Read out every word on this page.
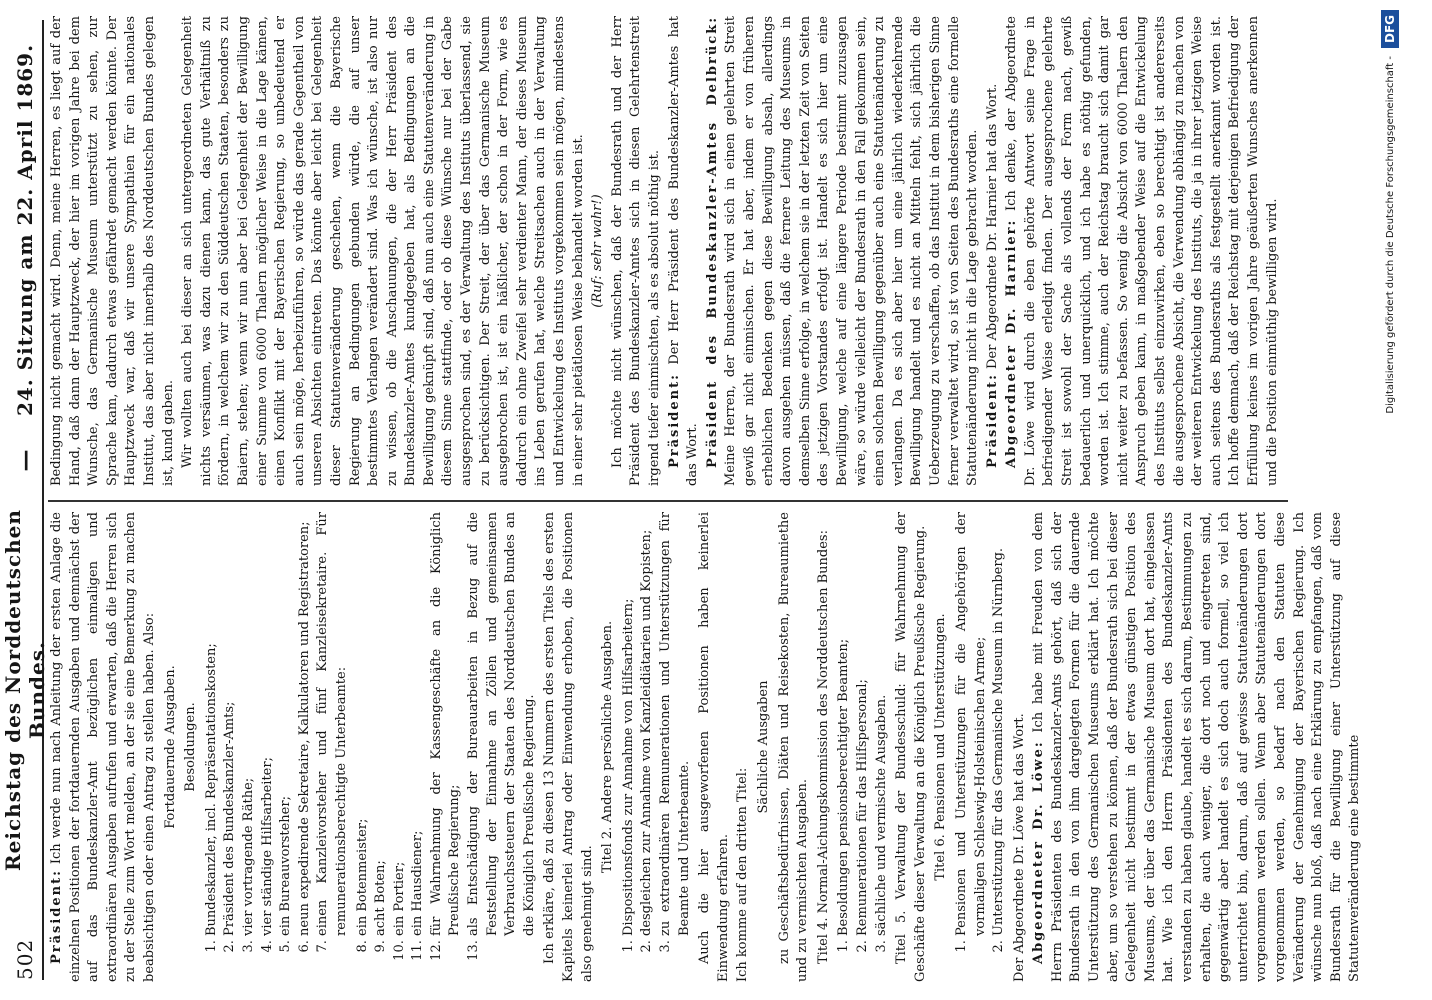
502
Reichstag des Norddeutschen Bundes.
—
24. Sitzung am 22. April 1869.

Präsident: Ich werde nun nach Anleitung der ersten Anlage die einzelnen Positionen der fortdauernden Ausgaben und demnächst der auf das Bundeskanzler-Amt bezüglichen einmaligen und extraordinären Ausgaben aufrufen und erwarten, daß die Herren sich zu der Stelle zum Wort melden, an der sie eine Bemerkung zu machen beabsichtigen oder einen Antrag zu stellen haben. Also: Fortdauernde Ausgaben. Besoldungen. 1. Bundeskanzler, incl. Repräsentationskosten; 2. Präsident des Bundeskanzler-Amts; 3. vier vortragende Räthe; 4. vier ständige Hilfsarbeiter; 5. ein Bureauvorsteher; 6. neun expedirende Sekretaire, Kalkulatoren und Registratoren; 7. einen Kanzleivorsteher und fünf Kanzleisekretaire. Für remunerationsberechtigte Unterbeamte: 8. ein Botenmeister; 9. acht Boten; 10. ein Portier; 11. ein Hausdiener; 12. für Wahrnehmung der Kassengeschäfte an die Königlich Preußische Regierung; 13. als Entschädigung der Bureauarbeiten in Bezug auf die Feststellung der Einnahme an Zöllen und gemeinsamen Verbrauchssteuern der Staaten des Norddeutschen Bundes an die Königlich Preußische Regierung. Ich erkläre, daß zu diesen 13 Nummern des ersten Titels des ersten Kapitels keinerlei Antrag oder Einwendung erhoben, die Positionen also genehmigt sind.

Titel 2. Andere persönliche Ausgaben. 1. Dispositionsfonds zur Annahme von Hilfsarbeitern; 2. desgleichen zur Annahme von Kanzleidiätarien und Kopisten; 3. zu extraordinären Remunerationen und Unterstützungen für Beamte und Unterbeamte. Auch die hier ausgeworfenen Positionen haben keinerlei Einwendung erfahren. Ich komme auf den dritten Titel:

Sächliche Ausgaben zu Geschäftsbedürfnissen, Diäten und Reisekosten, Bureaumiethe und zu vermischten Ausgaben. Titel 4. Normal-Aichungskommission des Norddeutschen Bundes: 1. Besoldungen pensionsberechtigter Beamten; 2. Remunerationen für das Hilfspersonal; 3. sächliche und vermischte Ausgaben. Titel 5. Verwaltung der Bundesschuld: für Wahrnehmung der Geschäfte dieser Verwaltung an die Königlich Preußische Regierung. Titel 6. Pensionen und Unterstützungen. 1. Pensionen und Unterstützungen für die Angehörigen der vormaligen Schleswig-Holsteinischen Armee; 2. Unterstützung für das Germanische Museum in Nürnberg. Der Abgeordnete Dr. Löwe hat das Wort. Abgeordneter Dr. Löwe: Ich habe mit Freuden von dem Herrn Präsidenten des Bundeskanzler-Amts gehört, daß sich der Bundesrath in den von ihm dargelegten Formen für die dauernde Unterstützung des Germanischen Museums erklärt hat. Ich möchte aber, um so verstehen zu können, daß der Bundesrath sich bei dieser Gelegenheit nicht bestimmt in der etwas günstigen Position des Museums, der über das Germanische Museum dort hat, eingelassen hat. Wie ich den Herrn Präsidenten des Bundeskanzler-Amts verstanden zu haben glaube, handelt es sich darum, Bestimmungen zu erhalten, die auch weniger, die dort noch und eingetreten sind, gegenwärtig aber handelt es sich doch auch formell, so viel ich unterrichtet bin, darum, daß auf gewisse Statutenänderungen dort vorgenommen werden sollen. Wenn aber Statutenänderungen dort vorgenommen werden, so bedarf nach den Statuten diese Veränderung der Genehmigung der Bayerischen Regierung. Ich wünsche nun bloß, daß nach eine Erklärung zu empfangen, daß vom Bundesrath für die Bewilligung einer Unterstützung auf diese Statutenveränderung eine bestimmte

Bedingung nicht gemacht wird. Denn, meine Herren, es liegt auf der Hand, daß dann der Hauptzweck, der hier im vorigen Jahre bei dem Wunsche, das Germanische Museum unterstützt zu sehen, zur Sprache kam, dadurch etwas gefährdet gemacht werden könnte. Der Hauptzweck war, daß wir unsere Sympathien für ein nationales Institut, das aber nicht innerhalb des Norddeutschen Bundes gelegen ist, kund gaben. Wir wollten auch bei dieser an sich untergeordneten Gelegenheit nichts versäumen, was dazu dienen kann, das gute Verhältniß zu fördern, in welchem wir zu den Süddeutschen Staaten, besonders zu Baiern, stehen; wenn wir nun aber bei Gelegenheit der Bewilligung einer Summe von 6000 Thalern möglicher Weise in die Lage kämen, einen Konflikt mit der Bayerischen Regierung, so unbedeutend er auch sein möge, herbeizuführen, so würde das gerade Gegentheil von unseren Absichten eintreten. Das könnte aber leicht bei Gelegenheit dieser Statutenveränderung geschehen, wenn die Bayerische Regierung an Bedingungen gebunden würde, die auf unser bestimmtes Verlangen verändert sind. Was ich wünsche, ist also nur zu wissen, ob die Anschauungen, die der Herr Präsident des Bundeskanzler-Amtes kundgegeben hat, als Bedingungen an die Bewilligung geknüpft sind, daß nun auch eine Statutenveränderung in diesem Sinne stattfinde, oder ob diese Wünsche nur bei der Gabe ausgesprochen sind, es der Verwaltung des Instituts überlassend, sie zu berücksichtigen. Der Streit, der über das Germanische Museum ausgebrochen ist, ist ein häßlicher, der schon in der Form, wie es dadurch ein ohne Zweifel sehr verdienter Mann, der dieses Museum ins Leben gerufen hat, welche Streitsachen auch in der Verwaltung und Entwickelung des Instituts vorgekommen sein mögen, mindestens in einer sehr pietätlosen Weise behandelt worden ist. (Ruf: sehr wahr!) Ich möchte nicht wünschen, daß der Bundesrath und der Herr Präsident des Bundeskanzler-Amtes sich in diesen Gelehrtenstreit irgend tiefer einmischten, als es absolut nöthig ist. Präsident: Der Herr Präsident des Bundeskanzler-Amtes hat das Wort. Präsident des Bundeskanzler-Amtes Delbrück: Meine Herren, der Bundesrath wird sich in einen gelehrten Streit gewiß gar nicht einmischen. Er hat aber, indem er von früheren erheblichen Bedenken gegen diese Bewilligung absah, allerdings davon ausgehen müssen, daß die fernere Leitung des Museums in demselben Sinne erfolge, in welchem sie in der letzten Zeit von Seiten des jetzigen Vorstandes erfolgt ist. Handelt es sich hier um eine Bewilligung, welche auf eine längere Periode bestimmt zuzusagen wäre, so würde vielleicht der Bundesrath in den Fall gekommen sein, einen solchen Bewilligung gegenüber auch eine Statutenänderung zu verlangen. Da es sich aber hier um eine jährlich wiederkehrende Bewilligung handelt und es nicht an Mitteln fehlt, sich jährlich die Ueberzeugung zu verschaffen, ob das Institut in dem bisherigen Sinne ferner verwaltet wird, so ist von Seiten des Bundesraths eine formelle Statutenänderung nicht in die Lage gebracht worden. Präsident: Der Abgeordnete Dr. Harnier hat das Wort. Abgeordneter Dr. Harnier: Ich denke, der Abgeordnete Dr. Löwe wird durch die eben gehörte Antwort seine Frage in befriedigender Weise erledigt finden. Der ausgesprochene gelehrte Streit ist sowohl der Sache als vollends der Form nach, gewiß bedauerlich und unerquicklich, und ich habe es nöthig gefunden, worden ist. Ich stimme, auch der Reichstag braucht sich damit gar nicht weiter zu befassen. So wenig die Absicht von 6000 Thalern den Anspruch geben kann, in maßgebender Weise auf die Entwickelung des Instituts selbst einzuwirken, eben so berechtigt ist andererseits die ausgesprochene Absicht, die Verwendung abhängig zu machen von der weiteren Entwickelung des Instituts, die ja in ihrer jetzigen Weise auch seitens des Bundesraths als festgestellt anerkannt worden ist. Ich hoffe demnach, daß der Reichstag mit derjenigen Befriedigung der Erfüllung keines im vorigen Jahre geäußerten Wunsches anerkennen und die Position einmüthig bewilligen wird.	Digitalisierung gefördert durch die Deutsche Forschungsgemeinschaft -
DFG
